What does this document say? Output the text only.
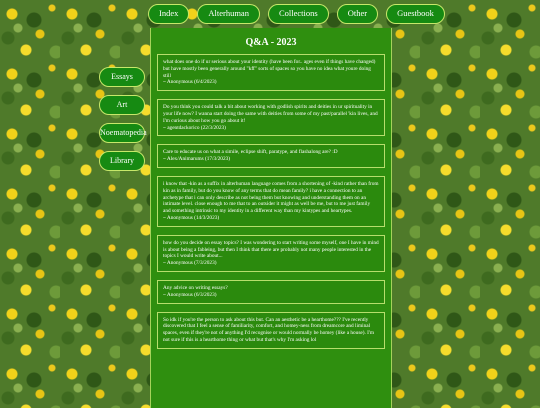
Index	Alterhuman	Collections	Other	Guestbook
Essays
Art
Noematopedia
Library
Q&A - 2023

what does one do if ur serious about your identity (have been for.. ages even if things have changed) but have mostly been generally around "kff" sorts of spaces so you have no idea what youre doing still

~ Anonymous (6/4/2023)

Do you think you could talk a bit about working with godlish spirits and deities in ur spirituality in your life now? I wanna start doing the same with deities from some of my past/parallel 'kin lives, and I'm curious about how you go about it!

~ agentdackorico (22/3/2023)

Care to educate us on what a simile, eclipse shift, paratype, and flashalong are? :D

~ Alex/Animarums (17/3/2023)

i know that -kin as a suffix in alterhuman language comes from a shortening of -kind rather than from kin as in family, but do you know of any terms that do mean family? i have a connection to an archetype that i can only describe as not being them but knowing and understanding them on an intimate level. close enough to me that to an outsider it might as well be me, but to me just family and something intrinsic to my identity in a different way than my kintypes and heartypes.

~ Anonymous (14/3/2023)

how do you decide on essay topics? I was wondering to start writing some myself, one I have in mind is about being a fableing, but then I think that there are probably not many people interested in the topics I would write about...

~ Anonymous (7/3/2023)

Any advice on writing essays?

~ Anonymous (6/3/2023)

So idk if you're the person to ask about this but. Can an aesthetic be a hearthome??? I've recently discovered that I feel a sense of familiarity, comfort, and homey-ness from dreamcore and liminal spaces, even if they're not of anything I'd recognise or would normally be homey (like a house). I'm not sure if this is a hearthome thing or what but that's why I'm asking lol
